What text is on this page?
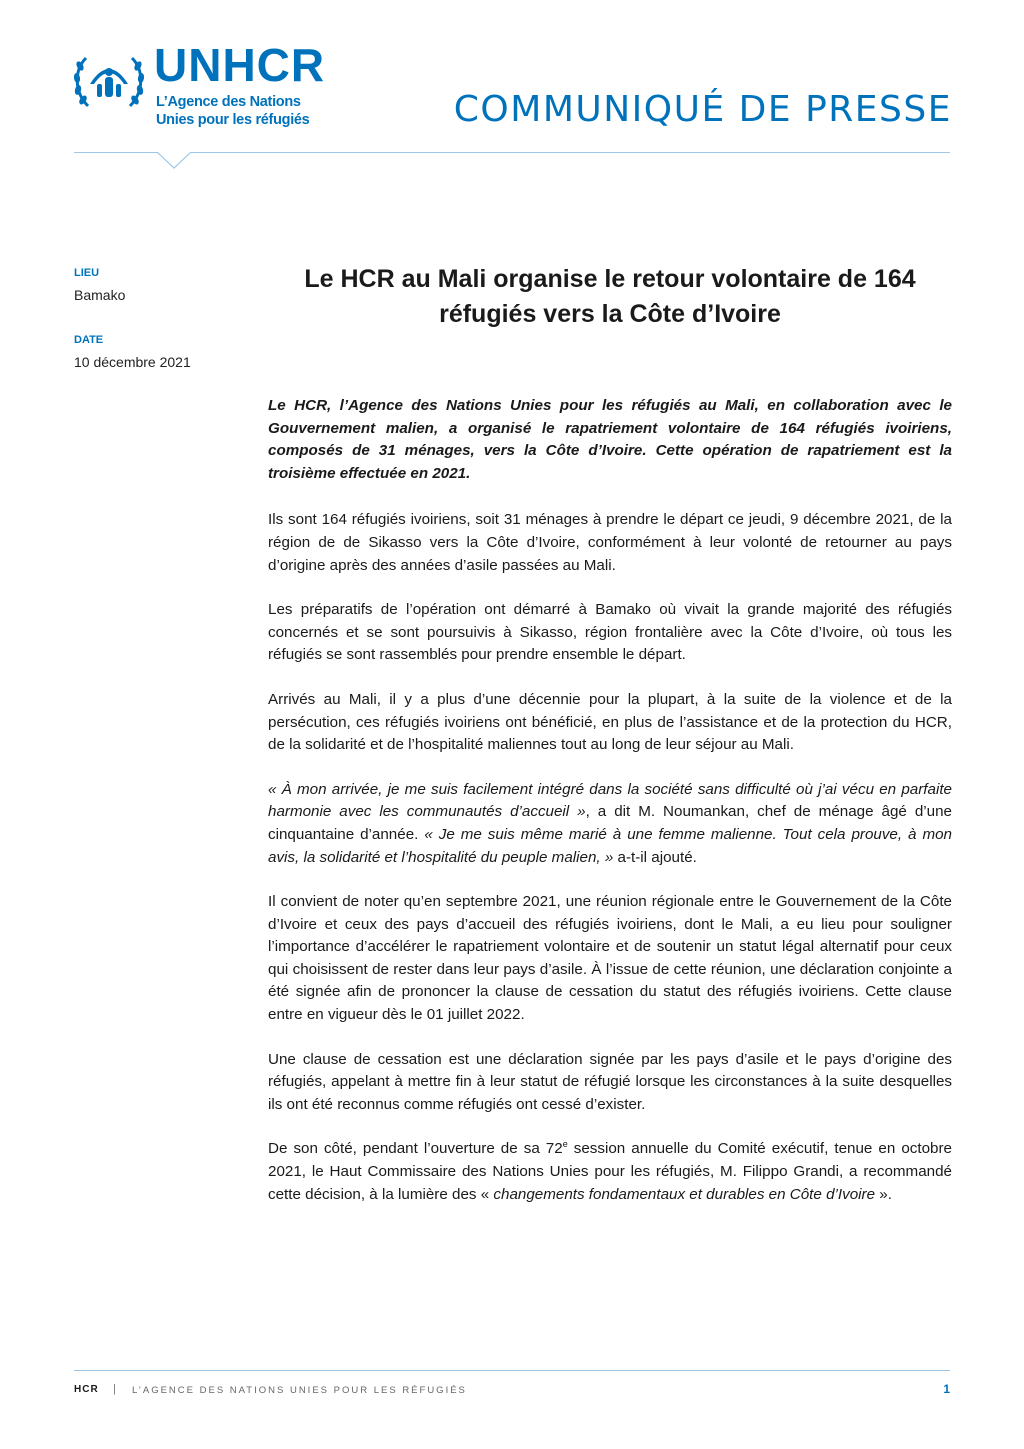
UNHCR
L’Agence des Nations
Unies pour les réfugiés	COMMUNIQUÉ DE PRESSE
LIEU
Bamako
DATE
10 décembre 2021
Le HCR au Mali organise le retour volontaire de 164 réfugiés vers la Côte d’Ivoire

Le HCR, l’Agence des Nations Unies pour les réfugiés au Mali, en collaboration avec le Gouvernement malien, a organisé le rapatriement volontaire de 164 réfugiés ivoiriens, composés de 31 ménages, vers la Côte d’Ivoire. Cette opération de rapatriement est la troisième effectuée en 2021.

Ils sont 164 réfugiés ivoiriens, soit 31 ménages à prendre le départ ce jeudi, 9 décembre 2021, de la région de de Sikasso vers la Côte d’Ivoire, conformément à leur volonté de retourner au pays d’origine après des années d’asile passées au Mali.

Les préparatifs de l’opération ont démarré à Bamako où vivait la grande majorité des réfugiés concernés et se sont poursuivis à Sikasso, région frontalière avec la Côte d’Ivoire, où tous les réfugiés se sont rassemblés pour prendre ensemble le départ.

Arrivés au Mali, il y a plus d’une décennie pour la plupart, à la suite de la violence et de la persécution, ces réfugiés ivoiriens ont bénéficié, en plus de l’assistance et de la protection du HCR, de la solidarité et de l’hospitalité maliennes tout au long de leur séjour au Mali.

« À mon arrivée, je me suis facilement intégré dans la société sans difficulté où j’ai vécu en parfaite harmonie avec les communautés d’accueil », a dit M. Noumankan, chef de ménage âgé d’une cinquantaine d’année. « Je me suis même marié à une femme malienne. Tout cela prouve, à mon avis, la solidarité et l’hospitalité du peuple malien, » a-t-il ajouté.

Il convient de noter qu’en septembre 2021, une réunion régionale entre le Gouvernement de la Côte d’Ivoire et ceux des pays d’accueil des réfugiés ivoiriens, dont le Mali, a eu lieu pour souligner l’importance d’accélérer le rapatriement volontaire et de soutenir un statut légal alternatif pour ceux qui choisissent de rester dans leur pays d’asile. À l’issue de cette réunion, une déclaration conjointe a été signée afin de prononcer la clause de cessation du statut des réfugiés ivoiriens. Cette clause entre en vigueur dès le 01 juillet 2022.

Une clause de cessation est une déclaration signée par les pays d’asile et le pays d’origine des réfugiés, appelant à mettre fin à leur statut de réfugié lorsque les circonstances à la suite desquelles ils ont été reconnus comme réfugiés ont cessé d’exister.

De son côté, pendant l’ouverture de sa 72e session annuelle du Comité exécutif, tenue en octobre 2021, le Haut Commissaire des Nations Unies pour les réfugiés, M. Filippo Grandi, a recommandé cette décision, à la lumière des « changements fondamentaux et durables en Côte d’Ivoire ».

HCR | L’AGENCE DES NATIONS UNIES POUR LES RÉFUGIÉS	1
